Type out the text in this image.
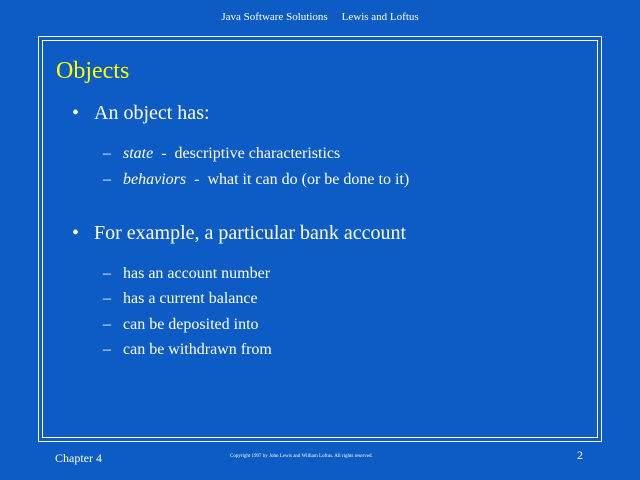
Java Software Solutions Lewis and Loftus
Objects
• An object has:
– state - descriptive characteristics
– behaviors - what it can do (or be done to it)
• For example, a particular bank account
– has an account number
– has a current balance
– can be deposited into
– can be withdrawn from
Chapter 4	Copyright 1997 by John Lewis and William Loftus. All rights reserved.	2
